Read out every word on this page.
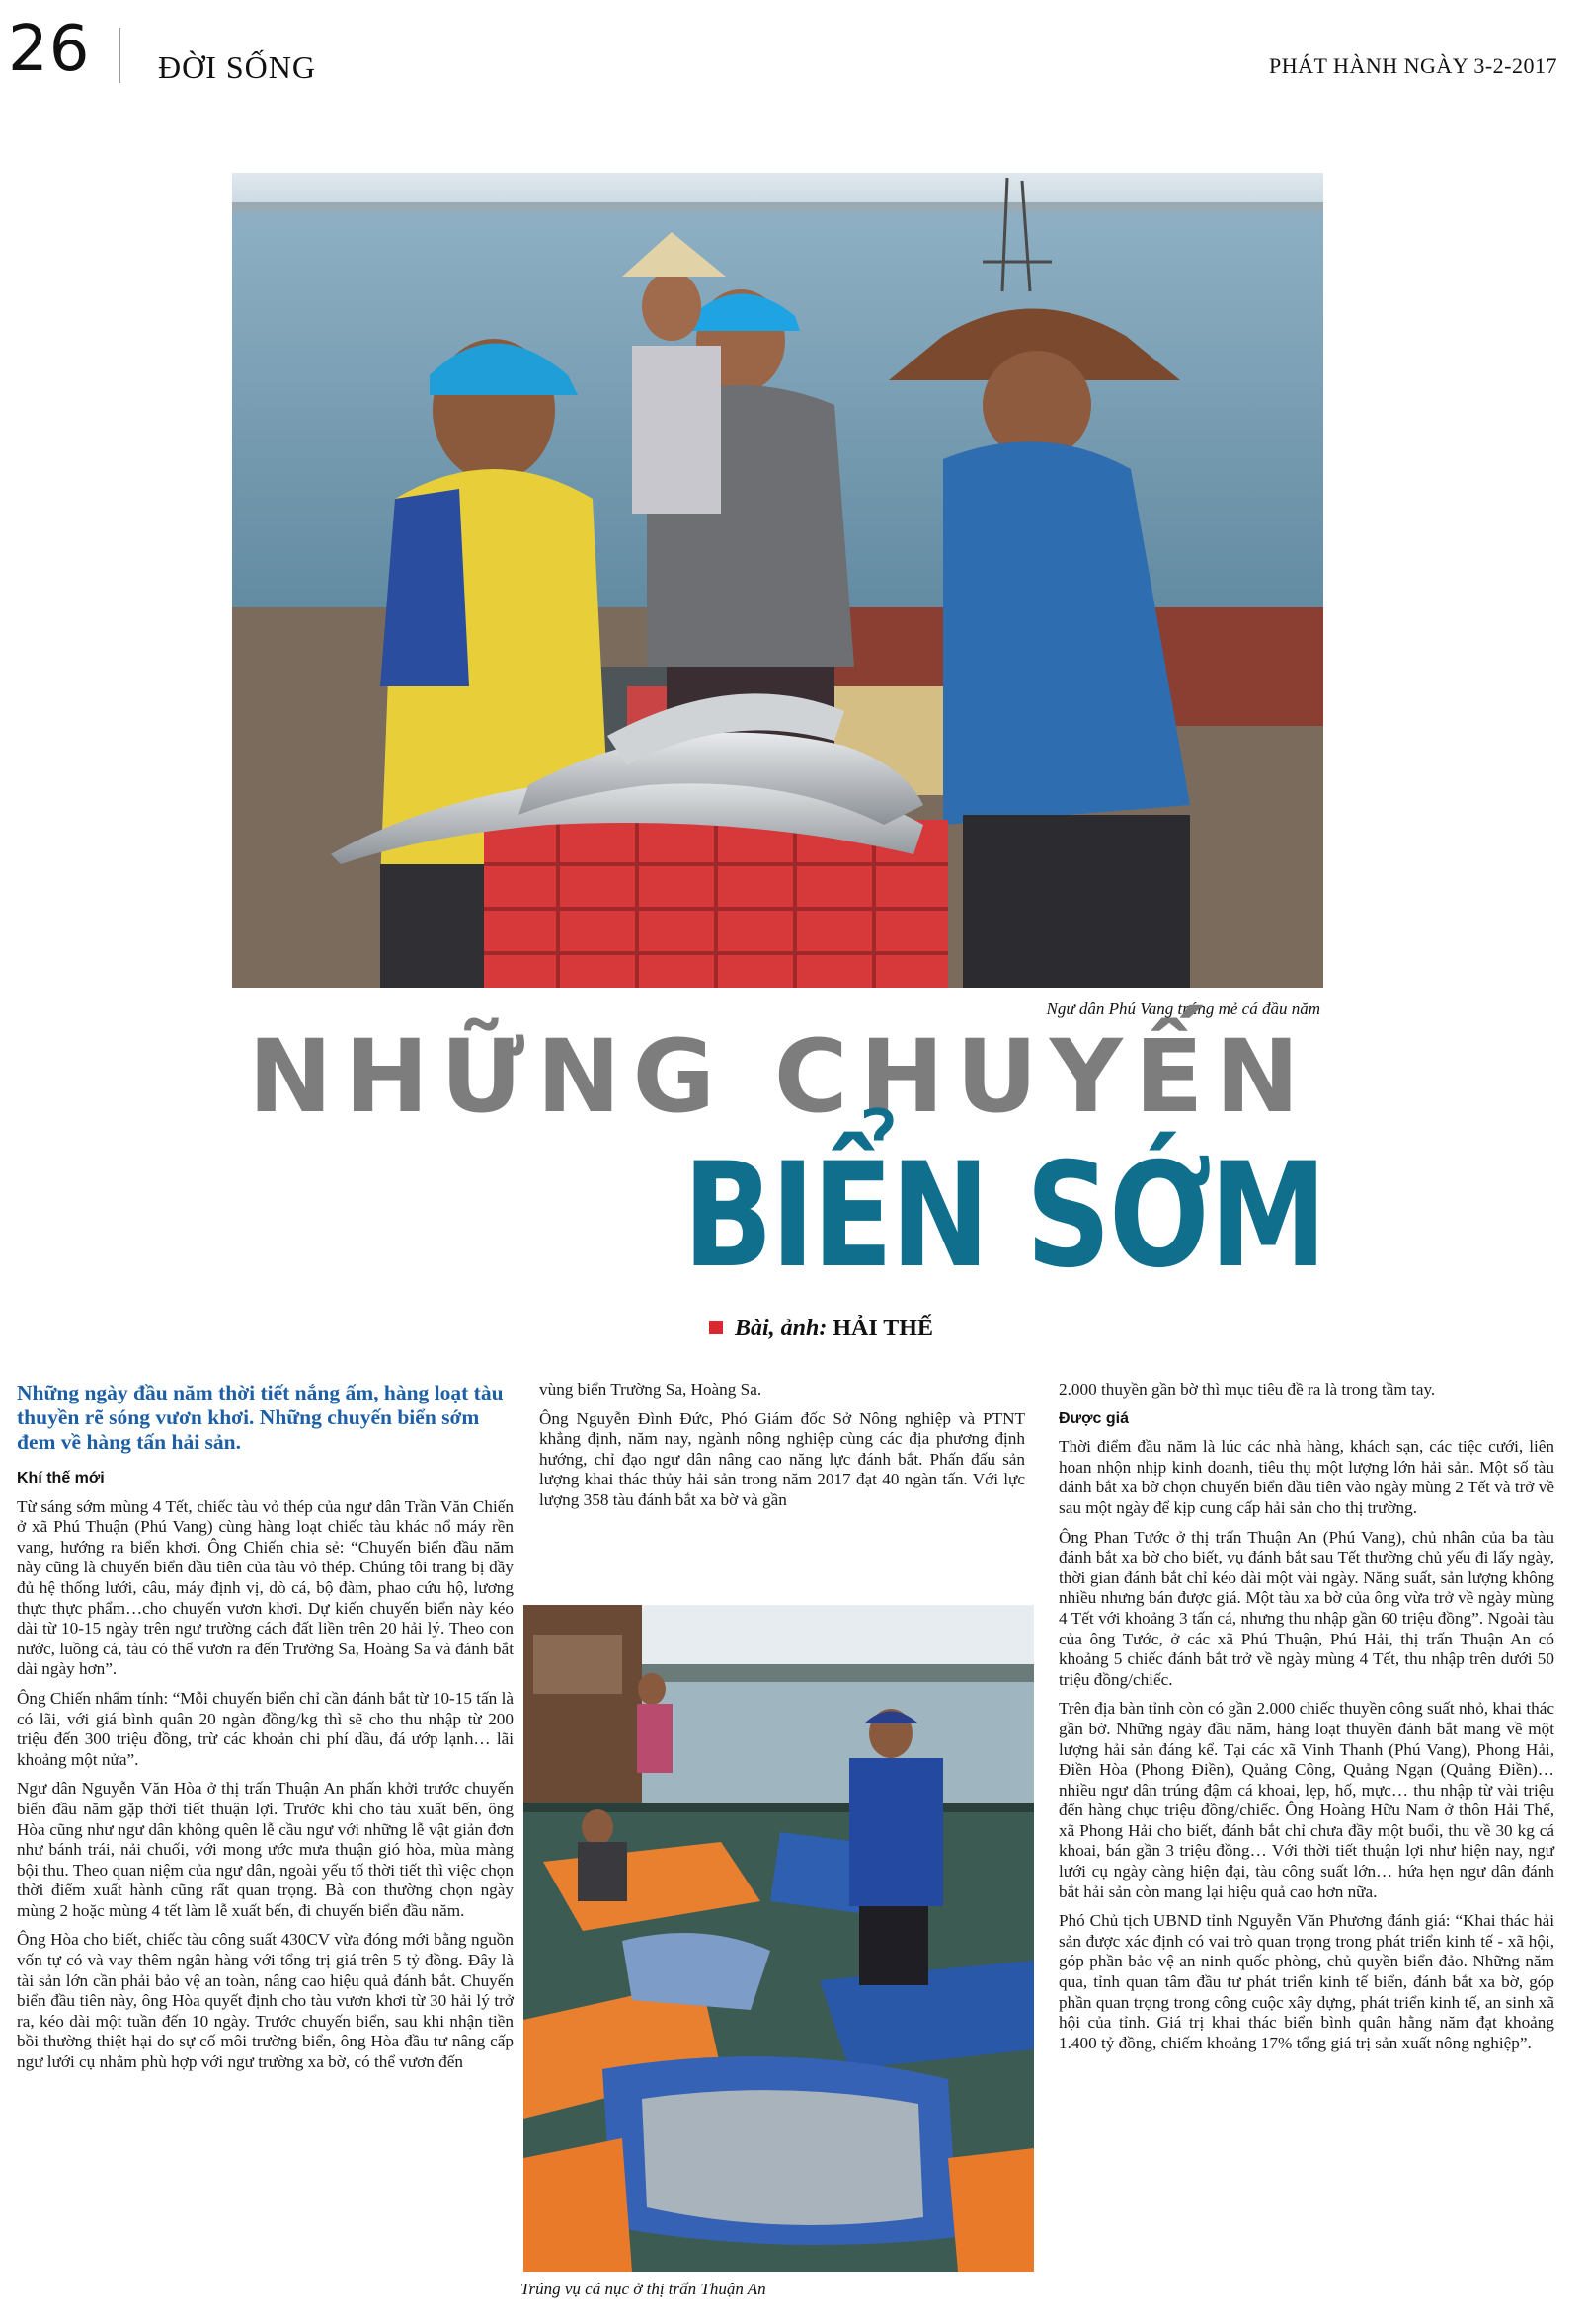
26 ĐỜI SỐNG	PHÁT HÀNH NGÀY 3-2-2017
Ngư dân Phú Vang trúng mẻ cá đầu năm
NHỮNG CHUYẾN
BIỂN SỚM
Bài, ảnh: HẢI THẾ

Những ngày đầu năm thời tiết nắng ấm, hàng loạt tàu thuyền rẽ sóng vươn khơi. Những chuyến biển sớm đem về hàng tấn hải sản.

Khí thế mới

Từ sáng sớm mùng 4 Tết, chiếc tàu vỏ thép của ngư dân Trần Văn Chiến ở xã Phú Thuận (Phú Vang) cùng hàng loạt chiếc tàu khác nổ máy rền vang, hướng ra biển khơi. Ông Chiến chia sẻ: “Chuyến biển đầu năm này cũng là chuyến biển đầu tiên của tàu vỏ thép. Chúng tôi trang bị đầy đủ hệ thống lưới, câu, máy định vị, dò cá, bộ đàm, phao cứu hộ, lương thực thực phẩm…cho chuyến vươn khơi. Dự kiến chuyến biển này kéo dài từ 10-15 ngày trên ngư trường cách đất liền trên 20 hải lý. Theo con nước, luồng cá, tàu có thể vươn ra đến Trường Sa, Hoàng Sa và đánh bắt dài ngày hơn”.

Ông Chiến nhẩm tính: “Mỗi chuyến biển chỉ cần đánh bắt từ 10-15 tấn là có lãi, với giá bình quân 20 ngàn đồng/kg thì sẽ cho thu nhập từ 200 triệu đến 300 triệu đồng, trừ các khoản chi phí dầu, đá ướp lạnh… lãi khoảng một nửa”.

Ngư dân Nguyễn Văn Hòa ở thị trấn Thuận An phấn khởi trước chuyến biển đầu năm gặp thời tiết thuận lợi. Trước khi cho tàu xuất bến, ông Hòa cũng như ngư dân không quên lễ cầu ngư với những lễ vật giản đơn như bánh trái, nải chuối, với mong ước mưa thuận gió hòa, mùa màng bội thu. Theo quan niệm của ngư dân, ngoài yếu tố thời tiết thì việc chọn thời điểm xuất hành cũng rất quan trọng. Bà con thường chọn ngày mùng 2 hoặc mùng 4 tết làm lễ xuất bến, đi chuyến biển đầu năm.

Ông Hòa cho biết, chiếc tàu công suất 430CV vừa đóng mới bằng nguồn vốn tự có và vay thêm ngân hàng với tổng trị giá trên 5 tỷ đồng. Đây là tài sản lớn cần phải bảo vệ an toàn, nâng cao hiệu quả đánh bắt. Chuyến biển đầu tiên này, ông Hòa quyết định cho tàu vươn khơi từ 30 hải lý trở ra, kéo dài một tuần đến 10 ngày. Trước chuyến biển, sau khi nhận tiền bồi thường thiệt hại do sự cố môi trường biển, ông Hòa đầu tư nâng cấp ngư lưới cụ nhằm phù hợp với ngư trường xa bờ, có thể vươn đến

vùng biển Trường Sa, Hoàng Sa.

Ông Nguyễn Đình Đức, Phó Giám đốc Sở Nông nghiệp và PTNT khẳng định, năm nay, ngành nông nghiệp cùng các địa phương định hướng, chỉ đạo ngư dân nâng cao năng lực đánh bắt. Phấn đấu sản lượng khai thác thủy hải sản trong năm 2017 đạt 40 ngàn tấn. Với lực lượng 358 tàu đánh bắt xa bờ và gần

Trúng vụ cá nục ở thị trấn Thuận An

2.000 thuyền gần bờ thì mục tiêu đề ra là trong tầm tay.

Được giá

Thời điểm đầu năm là lúc các nhà hàng, khách sạn, các tiệc cưới, liên hoan nhộn nhịp kinh doanh, tiêu thụ một lượng lớn hải sản. Một số tàu đánh bắt xa bờ chọn chuyến biển đầu tiên vào ngày mùng 2 Tết và trở về sau một ngày để kịp cung cấp hải sản cho thị trường.

Ông Phan Tước ở thị trấn Thuận An (Phú Vang), chủ nhân của ba tàu đánh bắt xa bờ cho biết, vụ đánh bắt sau Tết thường chủ yếu đi lấy ngày, thời gian đánh bắt chỉ kéo dài một vài ngày. Năng suất, sản lượng không nhiều nhưng bán được giá. Một tàu xa bờ của ông vừa trở về ngày mùng 4 Tết với khoảng 3 tấn cá, nhưng thu nhập gần 60 triệu đồng”. Ngoài tàu của ông Tước, ở các xã Phú Thuận, Phú Hải, thị trấn Thuận An có khoảng 5 chiếc đánh bắt trở về ngày mùng 4 Tết, thu nhập trên dưới 50 triệu đồng/chiếc.

Trên địa bàn tỉnh còn có gần 2.000 chiếc thuyền công suất nhỏ, khai thác gần bờ. Những ngày đầu năm, hàng loạt thuyền đánh bắt mang về một lượng hải sản đáng kể. Tại các xã Vinh Thanh (Phú Vang), Phong Hải, Điền Hòa (Phong Điền), Quảng Công, Quảng Ngạn (Quảng Điền)… nhiều ngư dân trúng đậm cá khoai, lẹp, hố, mực… thu nhập từ vài triệu đến hàng chục triệu đồng/chiếc. Ông Hoàng Hữu Nam ở thôn Hải Thế, xã Phong Hải cho biết, đánh bắt chỉ chưa đầy một buổi, thu về 30 kg cá khoai, bán gần 3 triệu đồng… Với thời tiết thuận lợi như hiện nay, ngư lưới cụ ngày càng hiện đại, tàu công suất lớn… hứa hẹn ngư dân đánh bắt hải sản còn mang lại hiệu quả cao hơn nữa.

Phó Chủ tịch UBND tỉnh Nguyễn Văn Phương đánh giá: “Khai thác hải sản được xác định có vai trò quan trọng trong phát triển kinh tế - xã hội, góp phần bảo vệ an ninh quốc phòng, chủ quyền biển đảo. Những năm qua, tỉnh quan tâm đầu tư phát triển kinh tế biển, đánh bắt xa bờ, góp phần quan trọng trong công cuộc xây dựng, phát triển kinh tế, an sinh xã hội của tỉnh. Giá trị khai thác biển bình quân hằng năm đạt khoảng 1.400 tỷ đồng, chiếm khoảng 17% tổng giá trị sản xuất nông nghiệp”.
